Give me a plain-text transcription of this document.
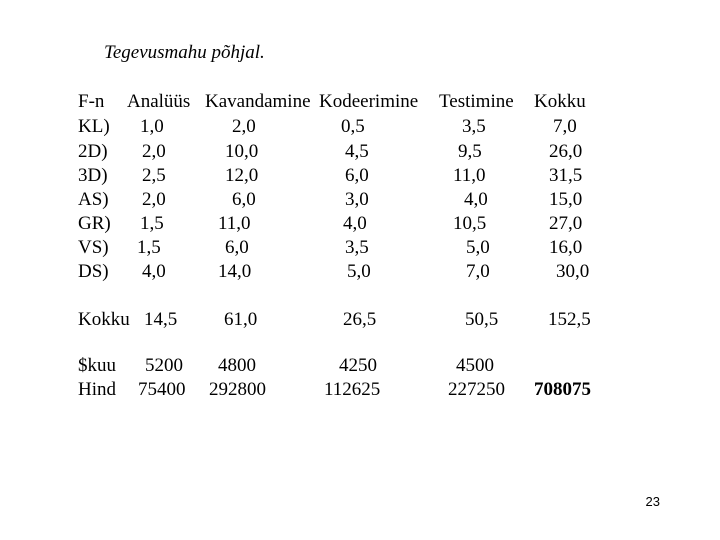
Tegevusmahu põhjal.
F-n Analüüs Kavandamine Kodeerimine Testimine Kokku
KL) 1,0	2,0	0,5	3,5	7,0
2D) 2,0	10,0	4,5	9,5	26,0
3D) 2,5	12,0	6,0	11,0	31,5
AS) 2,0	6,0	3,0	4,0	15,0
GR) 1,5	11,0	4,0	10,5	27,0
VS) 1,5	6,0	3,5	5,0	16,0
DS) 4,0	14,0	5,0	7,0	30,0
Kokku 14,5 61,0	26,5	50,5	152,5
$kuu 5200 4800	4250	4500
Hind 75400 292800	112625	227250 708075
23
